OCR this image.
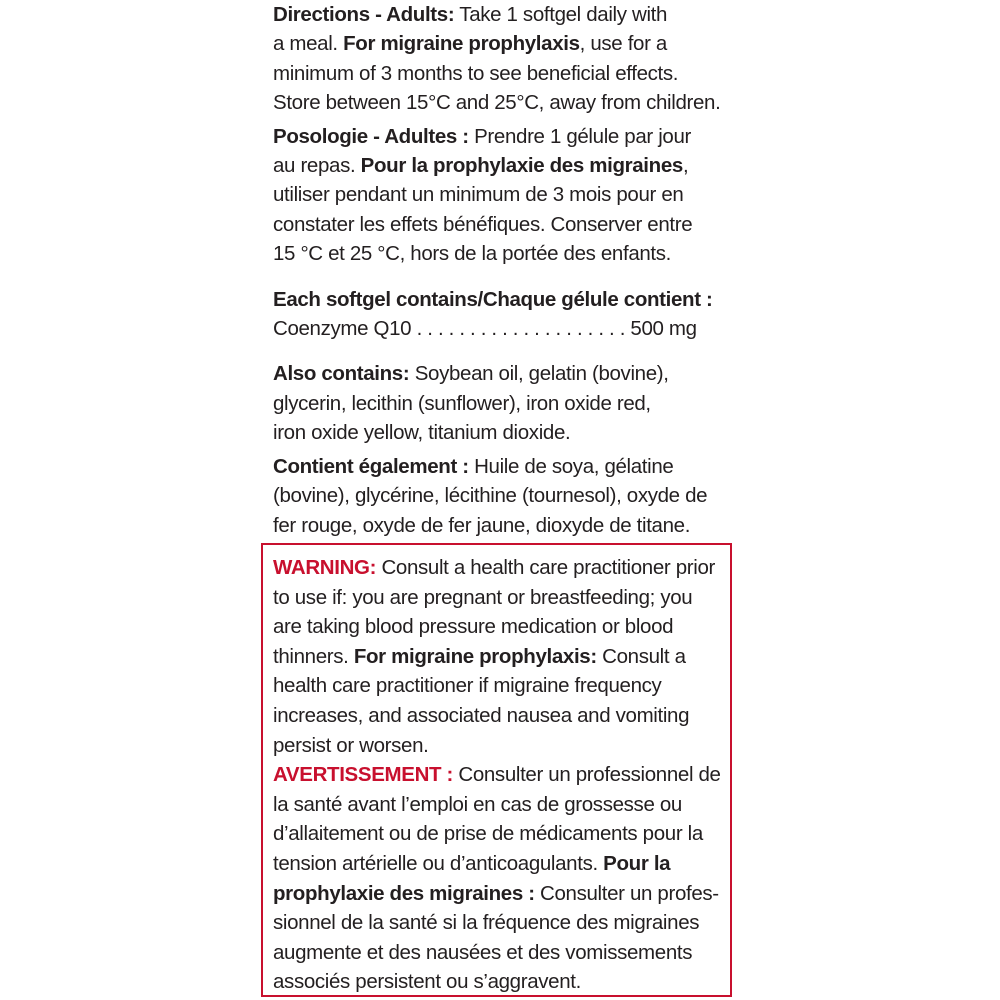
Directions - Adults: Take 1 softgel daily with
a meal. For migraine prophylaxis, use for a
minimum of 3 months to see beneficial effects.
Store between 15°C and 25°C, away from children.
Posologie - Adultes : Prendre 1 gélule par jour
au repas. Pour la prophylaxie des migraines,
utiliser pendant un minimum de 3 mois pour en
constater les effets bénéfiques. Conserver entre
15 °C et 25 °C, hors de la portée des enfants.
Each softgel contains/Chaque gélule contient :
Coenzyme Q10 . . . . . . . . . . . . . . . . . . . . 500 mg
Also contains: Soybean oil, gelatin (bovine),
glycerin, lecithin (sunflower), iron oxide red,
iron oxide yellow, titanium dioxide.
Contient également : Huile de soya, gélatine
(bovine), glycérine, lécithine (tournesol), oxyde de
fer rouge, oxyde de fer jaune, dioxyde de titane.
WARNING: Consult a health care practitioner prior
to use if: you are pregnant or breastfeeding; you
are taking blood pressure medication or blood
thinners. For migraine prophylaxis: Consult a
health care practitioner if migraine frequency
increases, and associated nausea and vomiting
persist or worsen.
AVERTISSEMENT : Consulter un professionnel de
la santé avant l’emploi en cas de grossesse ou
d’allaitement ou de prise de médicaments pour la
tension artérielle ou d’anticoagulants. Pour la
prophylaxie des migraines : Consulter un profes-
sionnel de la santé si la fréquence des migraines
augmente et des nausées et des vomissements
associés persistent ou s’aggravent.
